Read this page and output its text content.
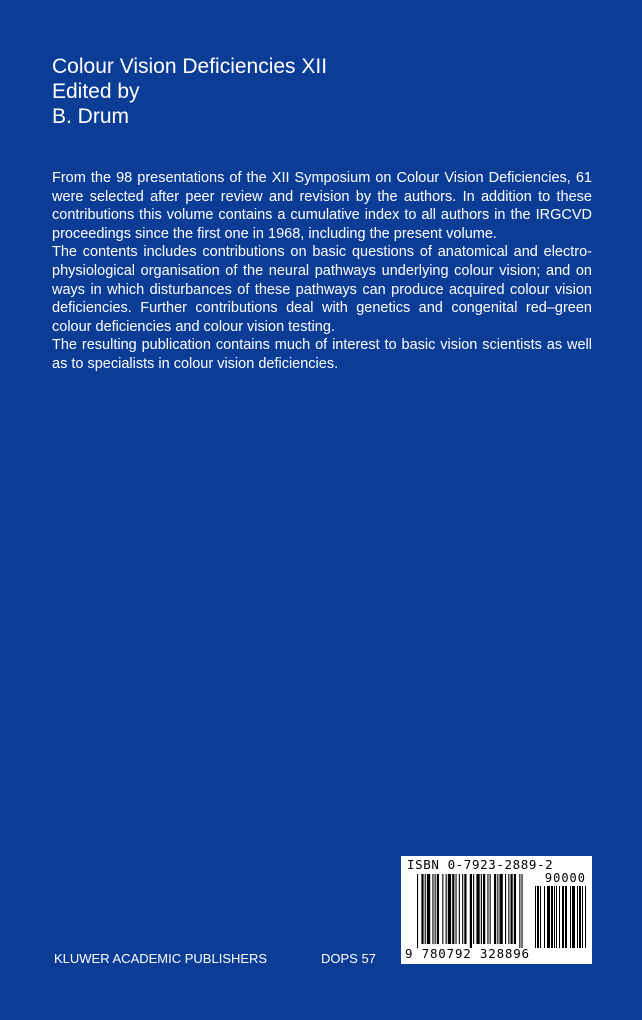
Colour Vision Deficiencies XII
Edited by
B. Drum

From the 98 presentations of the XII Symposium on Colour Vision Deficiencies, 61 were selected after peer review and revision by the authors. In addition to these contributions this volume contains a cumulative index to all authors in the IRGCVD proceedings since the first one in 1968, including the present volume.

The contents includes contributions on basic questions of anatomical and electro-physiological organisation of the neural pathways underlying colour vision; and on ways in which disturbances of these pathways can produce acquired colour vision deficiencies. Further contributions deal with genetics and congenital red–green colour deficiencies and colour vision testing.

The resulting publication contains much of interest to basic vision scientists as well as to specialists in colour vision deficiencies.

ISBN 0-7923-2889-2
90000
9 780792 328896
KLUWER ACADEMIC PUBLISHERS	DOPS 57
